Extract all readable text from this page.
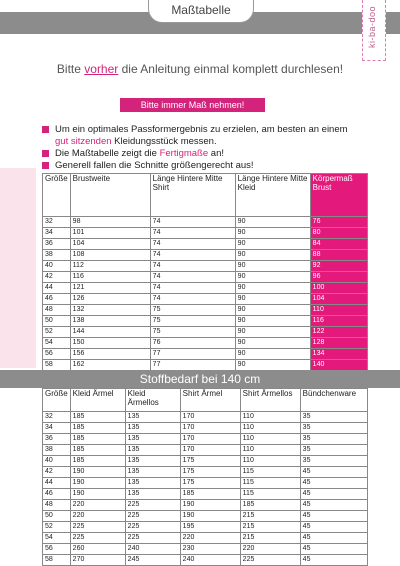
Maßtabelle	ki-ba-doo
Bitte vorher die Anleitung einmal komplett durchlesen!
Bitte immer Maß nehmen!
Um ein optimales Passformergebnis zu erzielen, am besten an einem
gut sitzenden Kleidungsstück messen.
Die Maßtabelle zeigt die Fertigmaße an!
Generell fallen die Schnitte größengerecht aus!
Größe	Brustweite	Länge Hintere Mitte Shirt	Länge Hintere Mitte Kleid	Körpermaß Brust
32	98	74	90	76
34	101	74	90	80
36	104	74	90	84
38	108	74	90	88
40	112	74	90	92
42	116	74	90	96
44	121	74	90	100
46	126	74	90	104
48	132	75	90	110
50	138	75	90	116
52	144	75	90	122
54	150	76	90	128
56	156	77	90	134
58	162	77	90	140
Stoffbedarf bei 140 cm
Größe	Kleid Ärmel	Kleid Ärmellos	Shirt Ärmel	Shirt Ärmellos	Bündchenware
32	185	135	170	110	35
34	185	135	170	110	35
36	185	135	170	110	35
38	185	135	170	110	35
40	185	135	175	110	35
42	190	135	175	115	45
44	190	135	175	115	45
46	190	135	185	115	45
48	220	225	190	185	45
50	220	225	190	215	45
52	225	225	195	215	45
54	225	225	220	215	45
56	260	240	230	220	45
58	270	245	240	225	45
